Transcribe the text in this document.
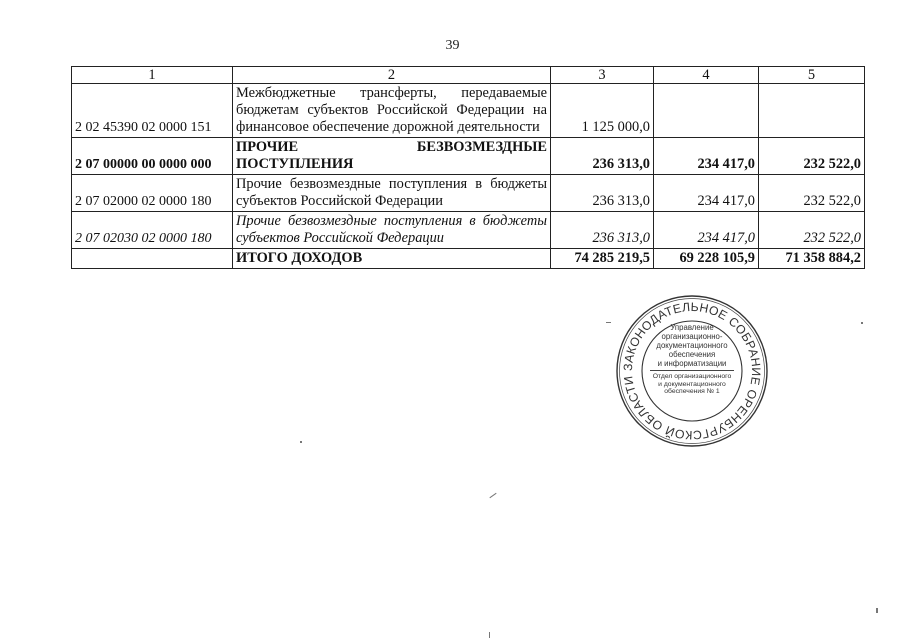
39
1	2	3	4	5
2 02 45390 02 0000 151	Межбюджетные трансферты, передаваемые бюджетам субъектов Российской Федерации на финансовое обеспечение дорожной деятельности	1 125 000,0		
2 07 00000 00 0000 000	ПРОЧИЕ БЕЗВОЗМЕЗДНЫЕ ПОСТУПЛЕНИЯ	236 313,0	234 417,0	232 522,0
2 07 02000 02 0000 180	Прочие безвозмездные поступления в бюджеты субъектов Российской Федерации	236 313,0	234 417,0	232 522,0
2 07 02030 02 0000 180	Прочие безвозмездные поступления в бюджеты субъектов Российской Федерации	236 313,0	234 417,0	232 522,0
	ИТОГО ДОХОДОВ	74 285 219,5	69 228 105,9	71 358 884,2
ЗАКОНОДАТЕЛЬНОЕ СОБРАНИЕ ОРЕНБУРГСКОЙ ОБЛАСТИ
Управление
организационно-
документационного
обеспечения
и информатизации
Отдел организационного
и документационного
обеспечения № 1
